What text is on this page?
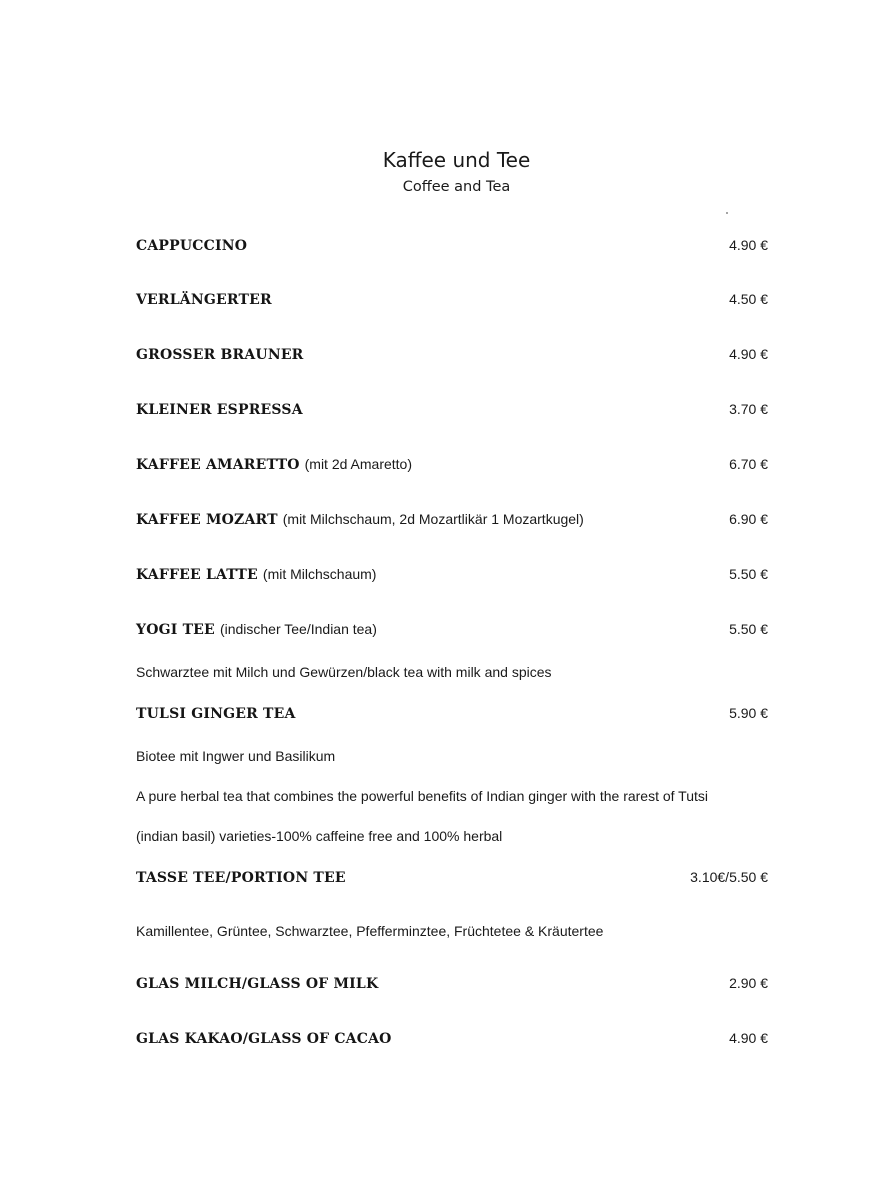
Kaffee und Tee
Coffee and Tea
CAPPUCCINO	4.90 €
VERLÄNGERTER	4.50 €
GROSSER BRAUNER	4.90 €
KLEINER ESPRESSA	3.70 €
KAFFEE AMARETTO (mit 2d Amaretto)	6.70 €
KAFFEE MOZART (mit Milchschaum, 2d Mozartlikär 1 Mozartkugel)	6.90 €
KAFFEE LATTE (mit Milchschaum)	5.50 €
YOGI TEE (indischer Tee/Indian tea)	5.50 €
Schwarztee mit Milch und Gewürzen/black tea with milk and spices
TULSI GINGER TEA	5.90 €
Biotee mit Ingwer und Basilikum
A pure herbal tea that combines the powerful benefits of Indian ginger with the rarest of Tutsi
(indian basil) varieties-100% caffeine free and 100% herbal
TASSE TEE/PORTION TEE	3.10€/5.50 €
Kamillentee, Grüntee, Schwarztee, Pfefferminztee, Früchtetee & Kräutertee
GLAS MILCH/GLASS OF MILK	2.90 €
GLAS KAKAO/GLASS OF CACAO	4.90 €
